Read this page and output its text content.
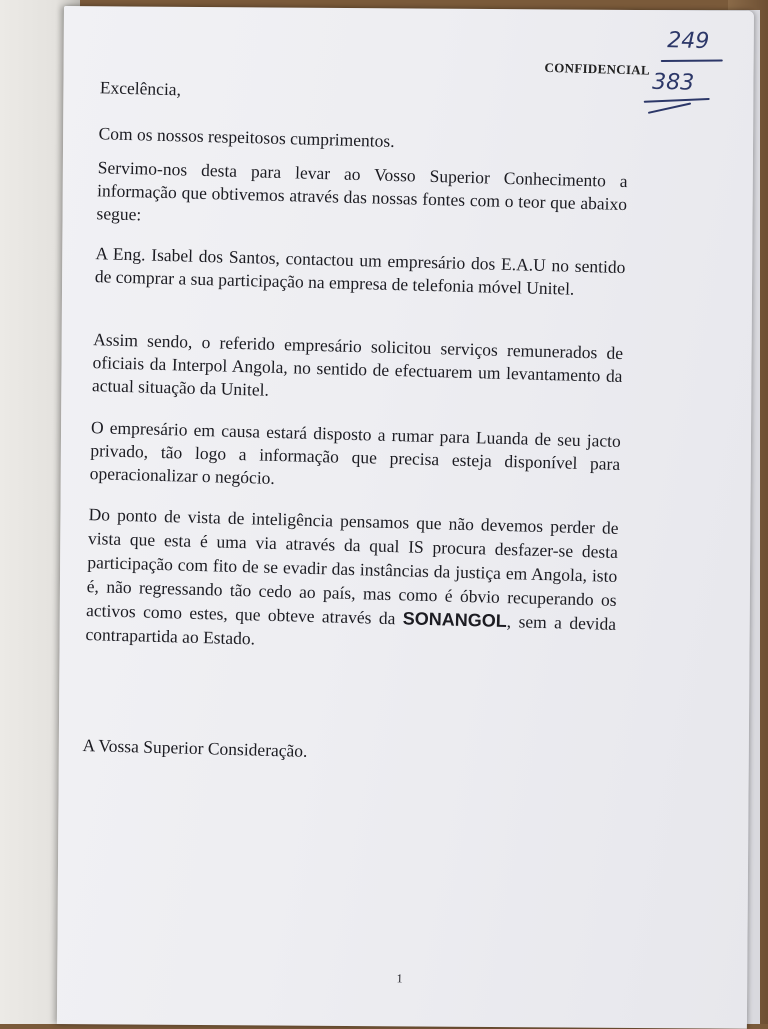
CONFIDENCIAL
249
383

Excelência,

Com os nossos respeitosos cumprimentos.

Servimo-nos desta para levar ao Vosso Superior Conhecimento a informação que obtivemos através das nossas fontes com o teor que abaixo segue:

A Eng. Isabel dos Santos, contactou um empresário dos E.A.U no sentido de comprar a sua participação na empresa de telefonia móvel Unitel.

Assim sendo, o referido empresário solicitou serviços remunerados de oficiais da Interpol Angola, no sentido de efectuarem um levantamento da actual situação da Unitel.

O empresário em causa estará disposto a rumar para Luanda de seu jacto privado, tão logo a informação que precisa esteja disponível para operacionalizar o negócio.

Do ponto de vista de inteligência pensamos que não devemos perder de vista que esta é uma via através da qual IS procura desfazer-se desta participação com fito de se evadir das instâncias da justiça em Angola, isto é, não regressando tão cedo ao país, mas como é óbvio recuperando os activos como estes, que obteve através da SONANGOL, sem a devida contrapartida ao Estado.

A Vossa Superior Consideração.

1
